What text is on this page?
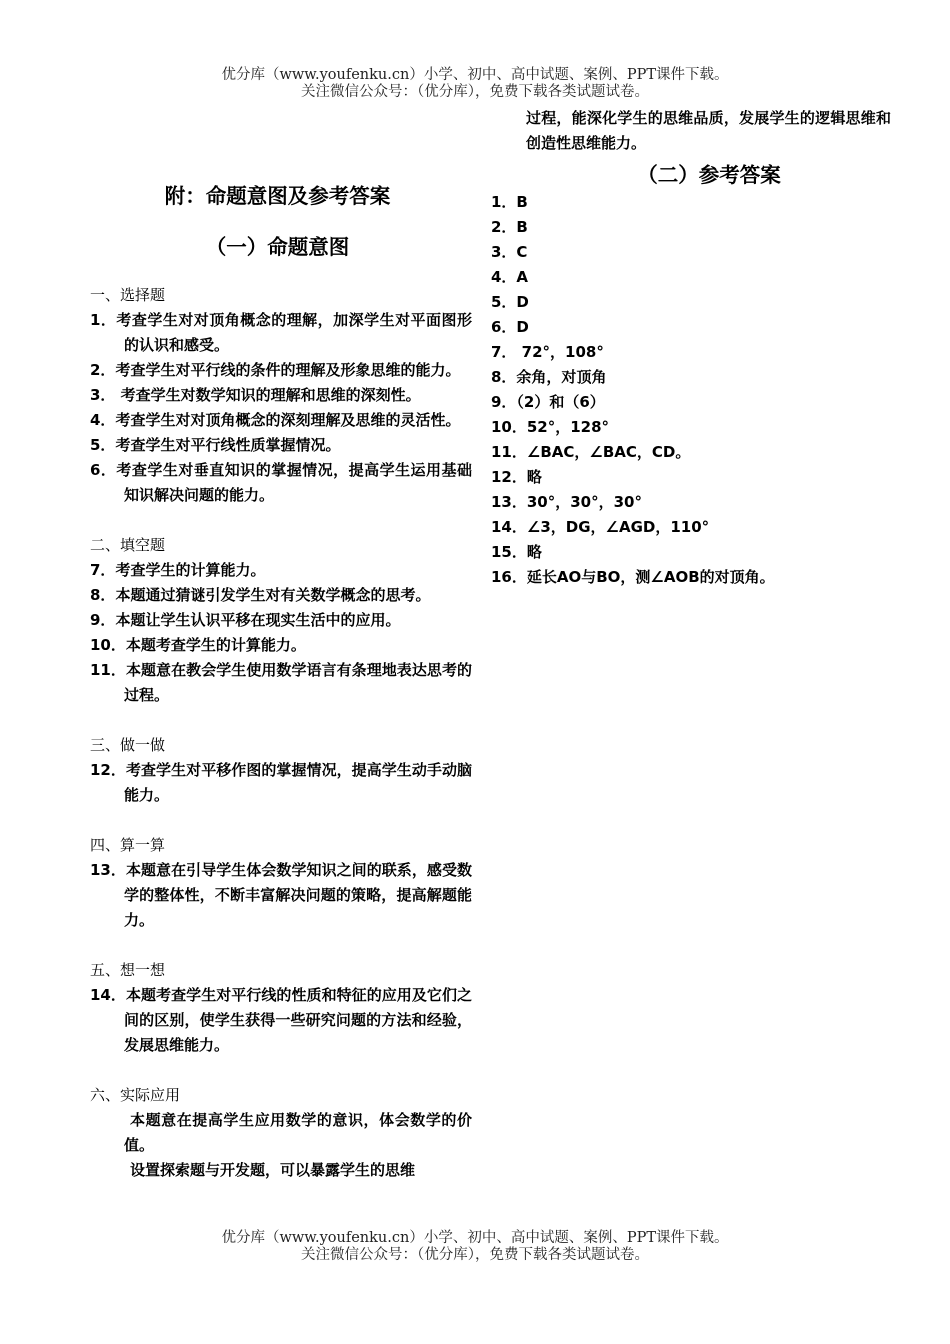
优分库（www.youfenku.cn）小学、初中、高中试题、案例、PPT课件下载。
关注微信公众号：（优分库），免费下载各类试题试卷。
附：命题意图及参考答案
（一）命题意图
一、选择题
1．考查学生对对顶角概念的理解，加深学生对平面图形的认识和感受。
2．考查学生对平行线的条件的理解及形象思维的能力。
3． 考查学生对数学知识的理解和思维的深刻性。
4．考查学生对对顶角概念的深刻理解及思维的灵活性。
5．考查学生对平行线性质掌握情况。
6．考查学生对垂直知识的掌握情况，提高学生运用基础知识解决问题的能力。
二、填空题
7．考查学生的计算能力。
8．本题通过猜谜引发学生对有关数学概念的思考。
9．本题让学生认识平移在现实生活中的应用。
10．本题考查学生的计算能力。
11．本题意在教会学生使用数学语言有条理地表达思考的过程。
三、做一做
12．考查学生对平移作图的掌握情况，提高学生动手动脑能力。
四、算一算
13．本题意在引导学生体会数学知识之间的联系，感受数学的整体性，不断丰富解决问题的策略，提高解题能力。
五、想一想
14．本题考查学生对平行线的性质和特征的应用及它们之间的区别，使学生获得一些研究问题的方法和经验，发展思维能力。
六、实际应用
本题意在提高学生应用数学的意识，体会数学的价值。
设置探索题与开发题，可以暴露学生的思维
过程，能深化学生的思维品质，发展学生的逻辑思维和创造性思维能力。
（二）参考答案
1．B
2．B
3．C
4．A
5．D
6．D
7． 72°，108°
8．余角，对顶角
9．（2）和（6）
10．52°，128°
11．∠BAC，∠BAC，CD。
12．略
13．30°，30°，30°
14．∠3，DG，∠AGD，110°
15．略
16．延长AO与BO，测∠AOB的对顶角。
优分库（www.youfenku.cn）小学、初中、高中试题、案例、PPT课件下载。
关注微信公众号：（优分库），免费下载各类试题试卷。
